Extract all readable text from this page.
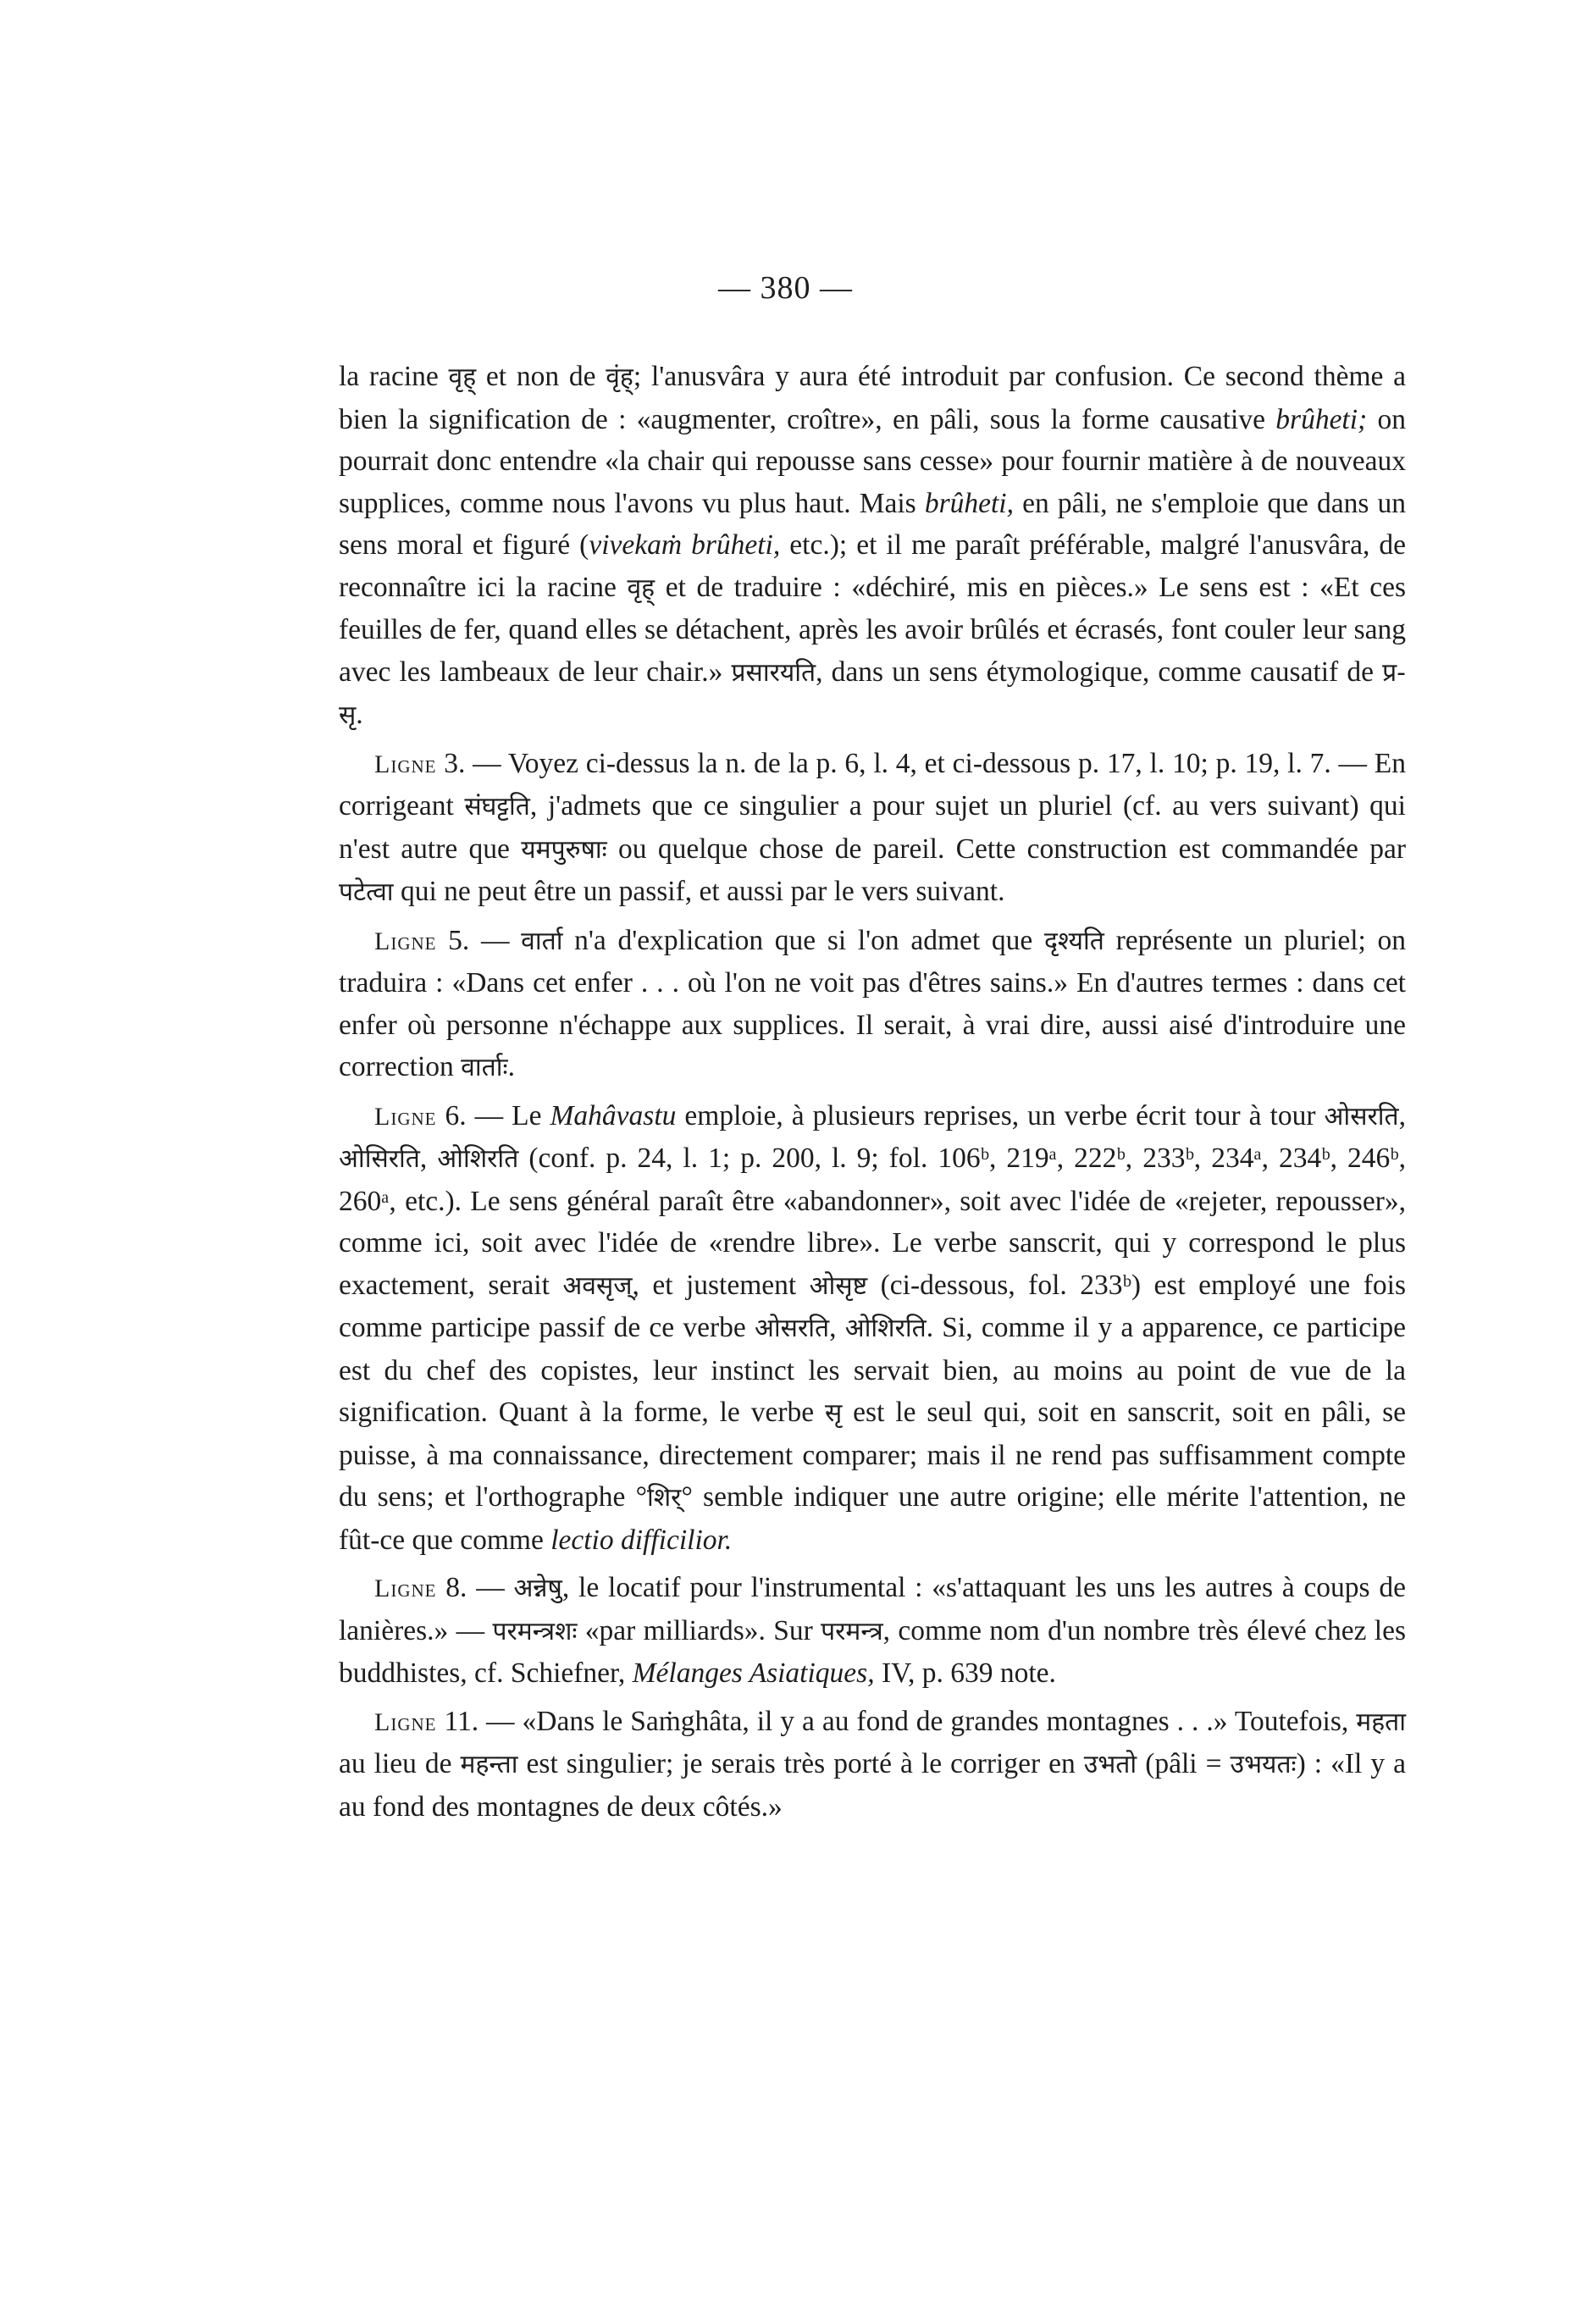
— 380 —

la racine वृह् et non de वृंह्; l'anusvâra y aura été introduit par confusion. Ce second thème a bien la signification de : «augmenter, croître», en pâli, sous la forme causative brûheti; on pourrait donc entendre «la chair qui repousse sans cesse» pour fournir matière à de nouveaux supplices, comme nous l'avons vu plus haut. Mais brûheti, en pâli, ne s'emploie que dans un sens moral et figuré (vivekaṁ brûheti, etc.); et il me paraît préférable, malgré l'anusvâra, de reconnaître ici la racine वृह् et de traduire : «déchiré, mis en pièces.» Le sens est : «Et ces feuilles de fer, quand elles se détachent, après les avoir brûlés et écrasés, font couler leur sang avec les lambeaux de leur chair.» प्रसारयति, dans un sens étymologique, comme causatif de प्र-सृ.

Ligne 3. — Voyez ci-dessus la n. de la p. 6, l. 4, et ci-dessous p. 17, l. 10; p. 19, l. 7. — En corrigeant संघट्टति, j'admets que ce singulier a pour sujet un pluriel (cf. au vers suivant) qui n'est autre que यमपुरुषाः ou quelque chose de pareil. Cette construction est commandée par पटेत्वा qui ne peut être un passif, et aussi par le vers suivant.

Ligne 5. — वार्ता n'a d'explication que si l'on admet que दृश्यति représente un pluriel; on traduira : «Dans cet enfer . . . où l'on ne voit pas d'êtres sains.» En d'autres termes : dans cet enfer où personne n'échappe aux supplices. Il serait, à vrai dire, aussi aisé d'introduire une correction वार्ताः.

Ligne 6. — Le Mahâvastu emploie, à plusieurs reprises, un verbe écrit tour à tour ओसरति, ओसिरति, ओशिरति (conf. p. 24, l. 1; p. 200, l. 9; fol. 106ᵇ, 219ᵃ, 222ᵇ, 233ᵇ, 234ᵃ, 234ᵇ, 246ᵇ, 260ᵃ, etc.). Le sens général paraît être «abandonner», soit avec l'idée de «rejeter, repousser», comme ici, soit avec l'idée de «rendre libre». Le verbe sanscrit, qui y correspond le plus exactement, serait अवसृज्, et justement ओसृष्ट (ci-dessous, fol. 233ᵇ) est employé une fois comme participe passif de ce verbe ओसरति, ओशिरति. Si, comme il y a apparence, ce participe est du chef des copistes, leur instinct les servait bien, au moins au point de vue de la signification. Quant à la forme, le verbe सृ est le seul qui, soit en sanscrit, soit en pâli, se puisse, à ma connaissance, directement comparer; mais il ne rend pas suffisamment compte du sens; et l'orthographe °शिर्° semble indiquer une autre origine; elle mérite l'attention, ne fût-ce que comme lectio difficilior.

Ligne 8. — अन्नेषु, le locatif pour l'instrumental : «s'attaquant les uns les autres à coups de lanières.» — परमन्त्रशः «par milliards». Sur परमन्त्र, comme nom d'un nombre très élevé chez les buddhistes, cf. Schiefner, Mélanges Asiatiques, IV, p. 639 note.

Ligne 11. — «Dans le Saṁghâta, il y a au fond de grandes montagnes . . .» Toutefois, महता au lieu de महन्ता est singulier; je serais très porté à le corriger en उभतो (pâli = उभयतः) : «Il y a au fond des montagnes de deux côtés.»
